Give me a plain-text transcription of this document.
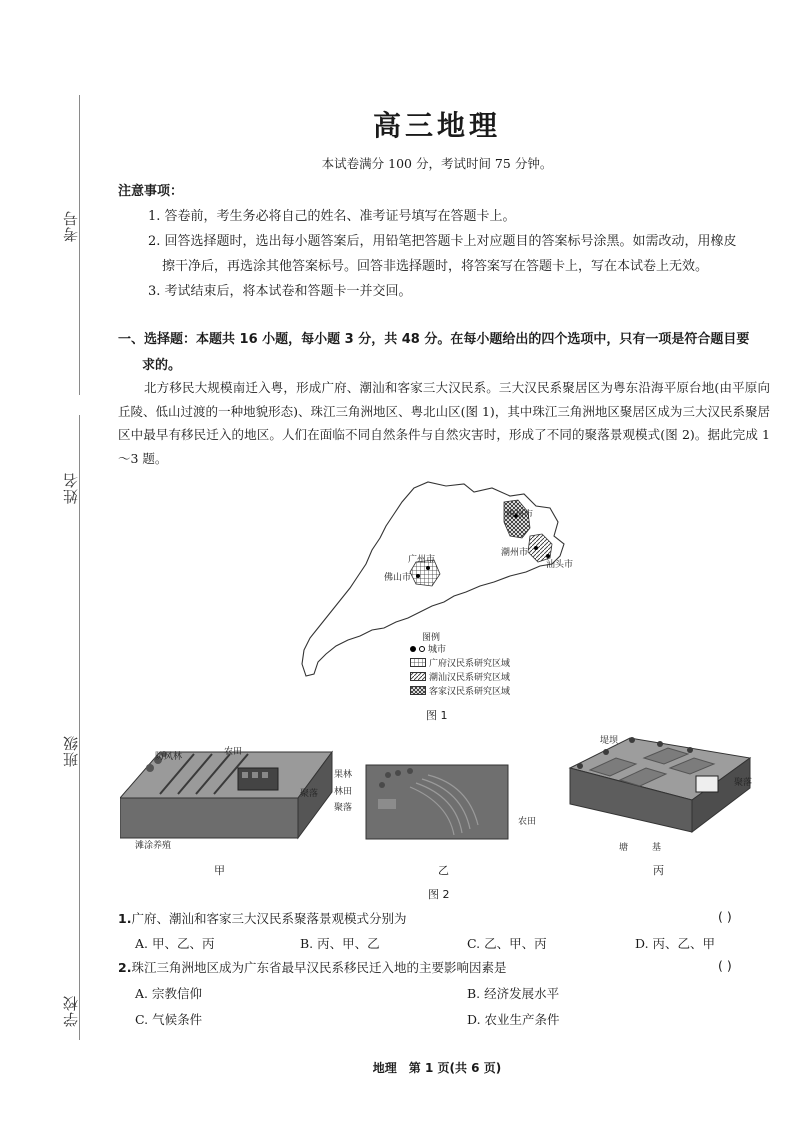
考号
姓名
班级
学校
高三地理
本试卷满分 100 分，考试时间 75 分钟。
注意事项：
1. 答卷前，考生务必将自己的姓名、准考证号填写在答题卡上。
2. 回答选择题时，选出每小题答案后，用铅笔把答题卡上对应题目的答案标号涂黑。如需改动，用橡皮
擦干净后，再选涂其他答案标号。回答非选择题时，将答案写在答题卡上，写在本试卷上无效。
3. 考试结束后，将本试卷和答题卡一并交回。
一、选择题：本题共 16 小题，每小题 3 分，共 48 分。在每小题给出的四个选项中，只有一项是符合题目要
求的。
北方移民大规模南迁入粤，形成广府、潮汕和客家三大汉民系。三大汉民系聚居区为粤东沿海平原台地(由平原向丘陵、低山过渡的一种地貌形态)、珠江三角洲地区、粤北山区(图 1)，其中珠江三角洲地区聚居区成为三大汉民系聚居区中最早有移民迁入的地区。人们在面临不同自然条件与自然灾害时，形成了不同的聚落景观模式(图 2)。据此完成 1～3 题。
梅州市
潮州市
汕头市
广州市
佛山市
图例
城市
广府汉民系研究区域
潮汕汉民系研究区域
客家汉民系研究区域
图 1
防风林	农田
聚落
滩涂养殖
甲
果林
林田
聚落
农田
乙
堤坝
聚落
塘	基
丙
图 2
1.广府、潮汕和客家三大汉民系聚落景观模式分别为	( )
A. 甲、乙、丙	B. 丙、甲、乙	C. 乙、甲、丙	D. 丙、乙、甲
2.珠江三角洲地区成为广东省最早汉民系移民迁入地的主要影响因素是	( )
A. 宗教信仰	B. 经济发展水平
C. 气候条件	D. 农业生产条件
地理　第 1 页(共 6 页)
